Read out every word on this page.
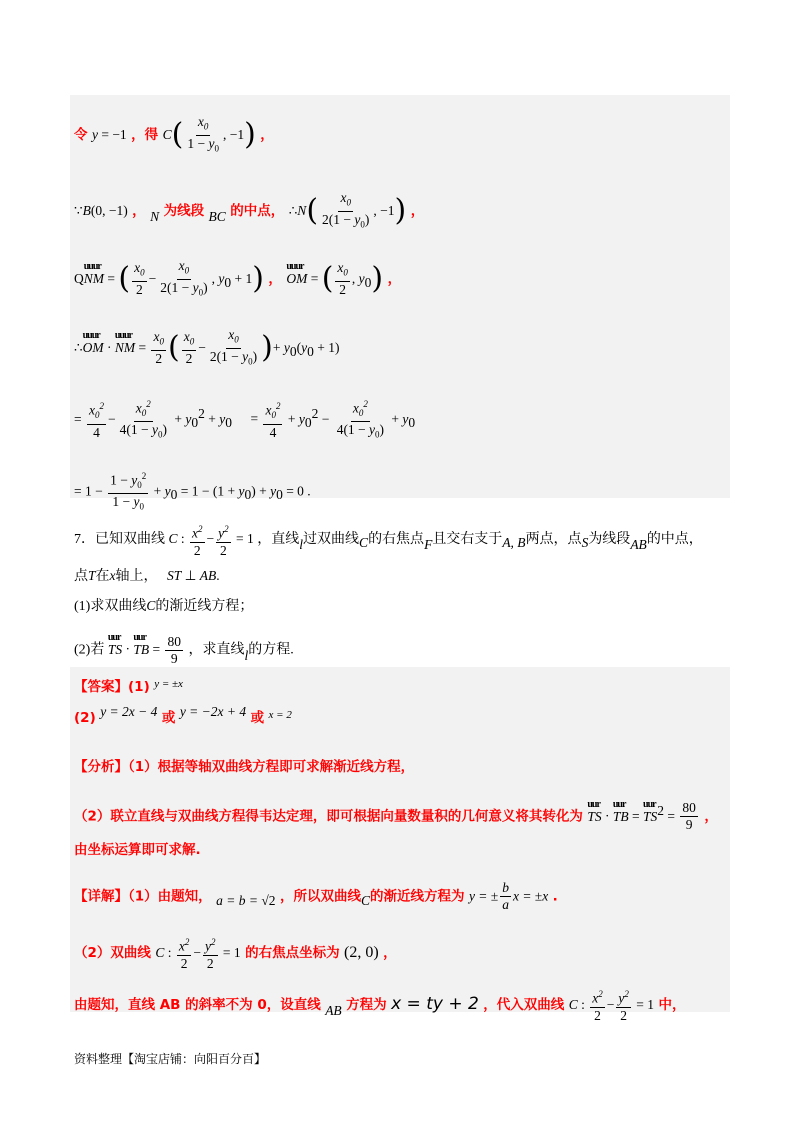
令 y = −1 ，得 $C( \frac{x_0}{1 - y_0}$ , −1) ，
∵B(0, −1) ， N 为线段 BC 的中点， ∴N( $\frac{x_0}{2(1 - y_0)}$ , −1) ，
Q
uuur
NM = ( $\frac{x_0}{2} - \frac{x_0}{2(1 - y_0)}$ , $y_0 + 1$) ，
uuur
OM = ( $\frac{x_0}{2}$ , $y_0$) ，
∴
uuur
OM ·
uuur
NM = $\frac{x_0}{2}$ ( $\frac{x_0}{2} - \frac{x_0}{2(1 - y_0)}$ )+ $y_0(y_0 + 1)$
= $\frac{x_0^2}{4} - \frac{x_0^2}{4(1 - y_0)} + y_0^2 + y_0 = \frac{x_0^2}{4} + y_0^2 - \frac{x_0^2}{4(1 - y_0)} + y_0$
= $1 - \frac{1 - y_0^2}{1 - y_0} + y_0 = 1 - (1 + y_0) + y_0 = 0$ .
7．已知双曲线 C : $\frac{x^2}{2} - \frac{y^2}{2} = 1$ ，直线l过双曲线C的右焦点F且交右支于A, B两点，点S为线段AB的中点，
点T在x轴上， ST ⊥ AB.
(1)求双曲线C的渐近线方程；
(2)若
uur
TS ·
uur
TB = $\frac{80}{9}$ ，求直线l的方程.
【答案】(1) $^{y = \pm x}$
(2) y = 2x − 4 或 y = −2x + 4 或 $^{x = 2}$
【分析】（1）根据等轴双曲线方程即可求解渐近线方程，
（2）联立直线与双曲线方程得韦达定理，即可根据向量数量积的几何意义将其转化为
uur
TS ·
uur
TB =
uur
$TS^2 = \frac{80}{9}$ ，
由坐标运算即可求解.
【详解】（1）由题知， a = b = √2 ，所以双曲线C的渐近线方程为 y = ± $\frac{b}{a}$ x = ±x .
（2）双曲线 C : $\frac{x^2}{2} - \frac{y^2}{2} = 1$ 的右焦点坐标为 (2, 0) ，
由题知，直线 AB 的斜率不为 0，设直线 AB 方程为 x = ty + 2 ，代入双曲线 C : $\frac{x^2}{2} - \frac{y^2}{2} = 1$ 中，
资料整理【淘宝店铺：向阳百分百】
